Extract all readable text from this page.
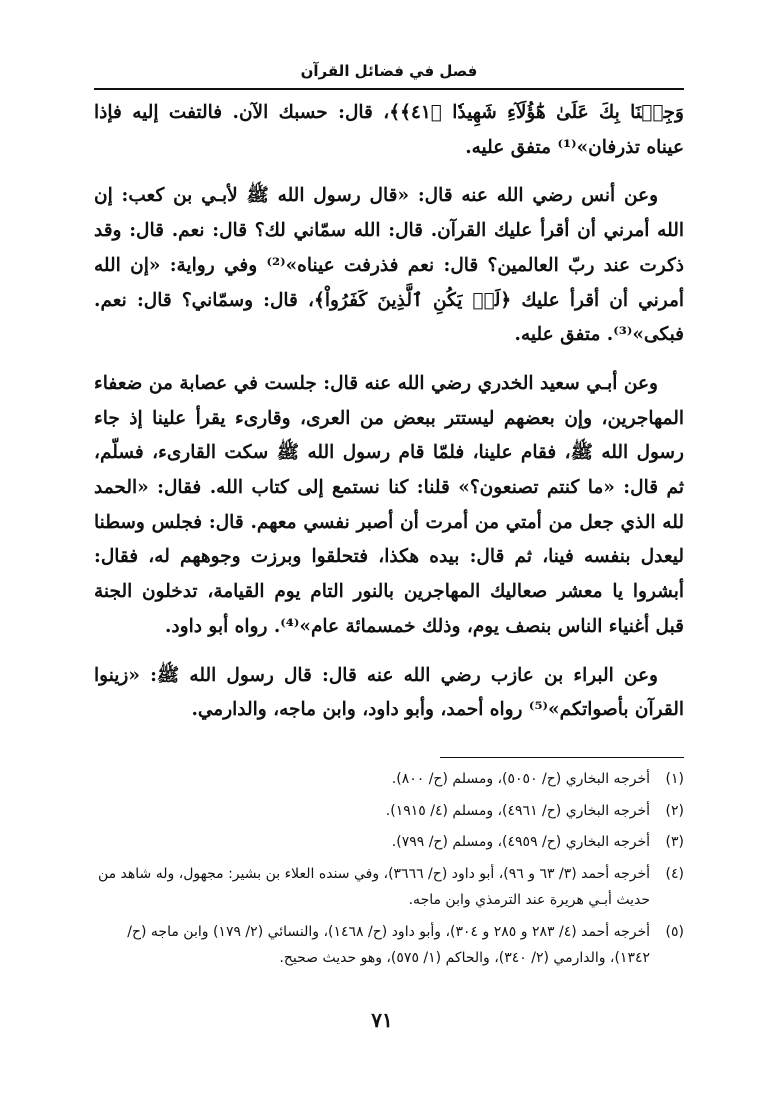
فصل في فضائل القرآن

وَجِئۡنَا بِكَ عَلَىٰ هَٰٓؤُلَآءِ شَهِيدٗا ﴿٤١﴾﴾، قال: حسبك الآن. فالتفت إليه فإذا عيناه تذرفان»⁽¹⁾ متفق عليه.

وعن أنس رضي الله عنه قال: «قال رسول الله ﷺ لأبـي بن كعب: إن الله أمرني أن أقرأ عليك القرآن. قال: الله سمّاني لك؟ قال: نعم. قال: وقد ذكرت عند ربّ العالمين؟ قال: نعم فذرفت عيناه»⁽²⁾ وفي رواية: «إن الله أمرني أن أقرأ عليك ﴿لَمۡ يَكُنِ ٱلَّذِينَ كَفَرُواْ﴾، قال: وسمّاني؟ قال: نعم. فبكى»⁽³⁾. متفق عليه.

وعن أبـي سعيد الخدري رضي الله عنه قال: جلست في عصابة من ضعفاء المهاجرين، وإن بعضهم ليستتر ببعض من العرى، وقارىء يقرأ علينا إذ جاء رسول الله ﷺ، فقام علينا، فلمّا قام رسول الله ﷺ سكت القارىء، فسلّم، ثم قال: «ما كنتم تصنعون؟» قلنا: كنا نستمع إلى كتاب الله. فقال: «الحمد لله الذي جعل من أمتي من أمرت أن أصبر نفسي معهم. قال: فجلس وسطنا ليعدل بنفسه فينا، ثم قال: بيده هكذا، فتحلقوا وبرزت وجوههم له، فقال: أبشروا يا معشر صعاليك المهاجرين بالنور التام يوم القيامة، تدخلون الجنة قبل أغنياء الناس بنصف يوم، وذلك خمسمائة عام»⁽⁴⁾. رواه أبو داود.

وعن البراء بن عازب رضي الله عنه قال: قال رسول الله ﷺ: «زينوا القرآن بأصواتكم»⁽⁵⁾ رواه أحمد، وأبو داود، وابن ماجه، والدارمي.

(١)
أخرجه البخاري (ح/ ٥٠٥٠)، ومسلم (ح/ ٨٠٠).
(٢)
أخرجه البخاري (ح/ ٤٩٦١)، ومسلم (٤/ ١٩١٥).
(٣)
أخرجه البخاري (ح/ ٤٩٥٩)، ومسلم (ح/ ٧٩٩).
(٤)
أخرجه أحمد (٣/ ٦٣ و ٩٦)، أبو داود (ح/ ٣٦٦٦)، وفي سنده العلاء بن بشير: مجهول، وله شاهد من حديث أبـي هريرة عند الترمذي وابن ماجه.
(٥)
أخرجه أحمد (٤/ ٢٨٣ و ٢٨٥ و ٣٠٤)، وأبو داود (ح/ ١٤٦٨)، والنسائي (٢/ ١٧٩) وابن ماجه (ح/ ١٣٤٢)، والدارمي (٢/ ٣٤٠)، والحاكم (١/ ٥٧٥)، وهو حديث صحيح.
٧١
